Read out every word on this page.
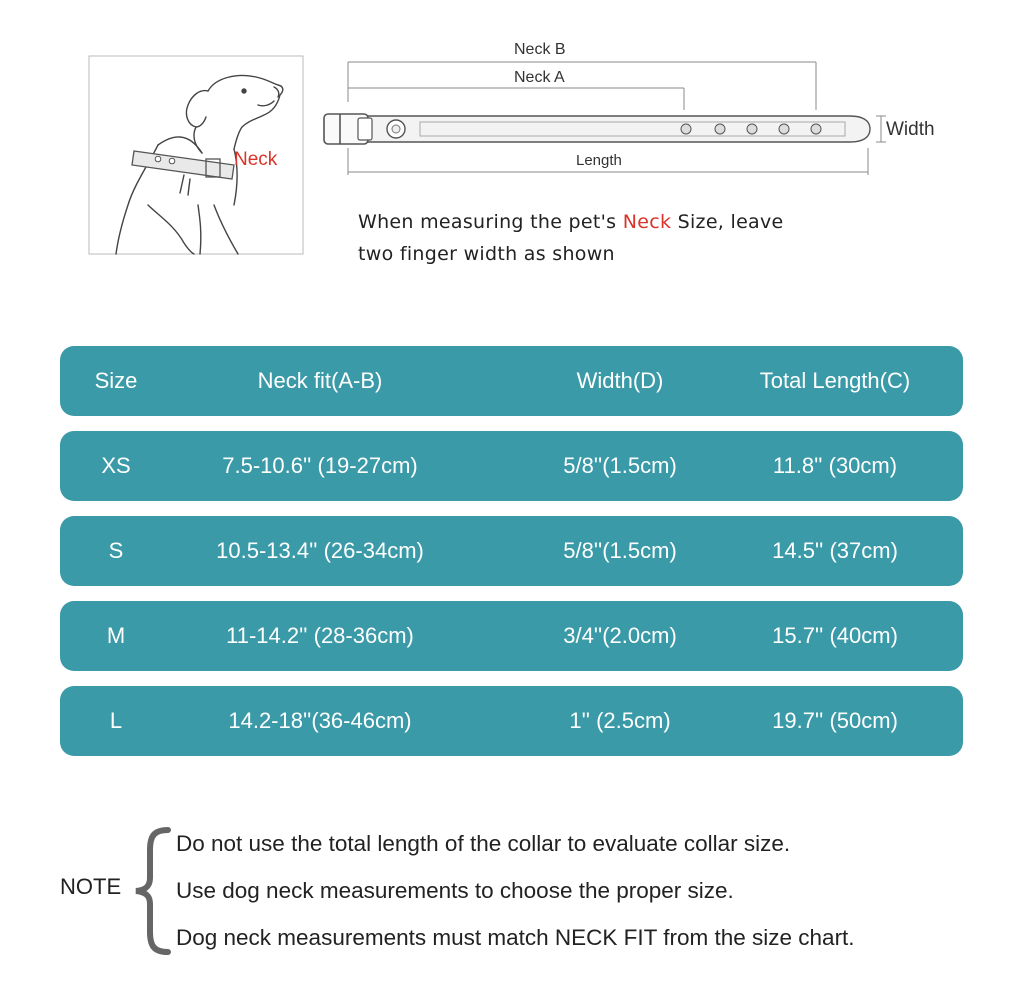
Neck
Neck B
Neck A
Width
Length
When measuring the pet's Neck Size, leave
two finger width as shown
Size	Neck fit(A-B)	Width(D)	Total Length(C)
XS	7.5-10.6'' (19-27cm)	5/8''(1.5cm)	11.8'' (30cm)
S	10.5-13.4'' (26-34cm)	5/8''(1.5cm)	14.5'' (37cm)
M	11-14.2'' (28-36cm)	3/4''(2.0cm)	15.7'' (40cm)
L	14.2-18''(36-46cm)	1'' (2.5cm)	19.7'' (50cm)
NOTE
Do not use the total length of the collar to evaluate collar size.
Use dog neck measurements to choose the proper size.
Dog neck measurements must match NECK FIT from the size chart.
